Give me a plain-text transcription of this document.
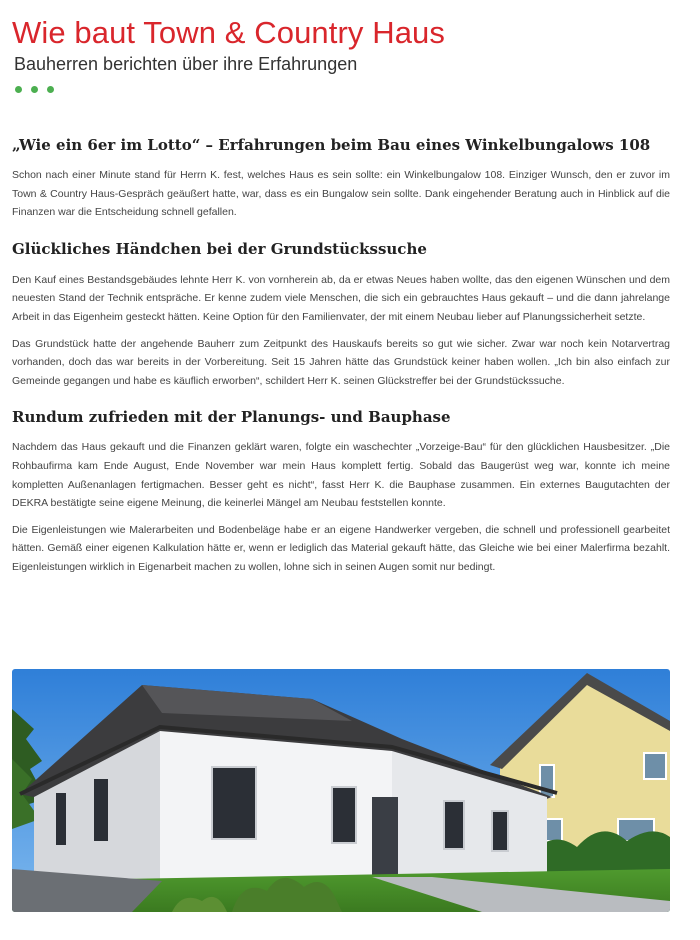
Wie baut Town & Country Haus
Bauherren berichten über ihre Erfahrungen
„Wie ein 6er im Lotto“ – Erfahrungen beim Bau eines Winkelbungalows 108

Schon nach einer Minute stand für Herrn K. fest, welches Haus es sein sollte: ein Winkelbungalow 108. Einziger Wunsch, den er zuvor im Town & Country Haus-Gespräch geäußert hatte, war, dass es ein Bungalow sein sollte. Dank eingehender Beratung auch in Hinblick auf die Finanzen war die Entscheidung schnell gefallen.

Glückliches Händchen bei der Grundstückssuche

Den Kauf eines Bestandsgebäudes lehnte Herr K. von vornherein ab, da er etwas Neues haben wollte, das den eigenen Wünschen und dem neuesten Stand der Technik entspräche. Er kenne zudem viele Menschen, die sich ein gebrauchtes Haus gekauft – und die dann jahrelange Arbeit in das Eigenheim gesteckt hätten. Keine Option für den Familienvater, der mit einem Neubau lieber auf Planungssicherheit setzte.

Das Grundstück hatte der angehende Bauherr zum Zeitpunkt des Hauskaufs bereits so gut wie sicher. Zwar war noch kein Notarvertrag vorhanden, doch das war bereits in der Vorbereitung. Seit 15 Jahren hätte das Grundstück keiner haben wollen. „Ich bin also einfach zur Gemeinde gegangen und habe es käuflich erworben“, schildert Herr K. seinen Glückstreffer bei der Grundstückssuche.

Rundum zufrieden mit der Planungs- und Bauphase

Nachdem das Haus gekauft und die Finanzen geklärt waren, folgte ein waschechter „Vorzeige-Bau“ für den glücklichen Hausbesitzer. „Die Rohbaufirma kam Ende August, Ende November war mein Haus komplett fertig. Sobald das Baugerüst weg war, konnte ich meine kompletten Außenanlagen fertigmachen. Besser geht es nicht“, fasst Herr K. die Bauphase zusammen. Ein externes Baugutachten der DEKRA bestätigte seine eigene Meinung, die keinerlei Mängel am Neubau feststellen konnte.

Die Eigenleistungen wie Malerarbeiten und Bodenbeläge habe er an eigene Handwerker vergeben, die schnell und professionell gearbeitet hätten. Gemäß einer eigenen Kalkulation hätte er, wenn er lediglich das Material gekauft hätte, das Gleiche wie bei einer Malerfirma bezahlt. Eigenleistungen wirklich in Eigenarbeit machen zu wollen, lohne sich in seinen Augen somit nur bedingt.
